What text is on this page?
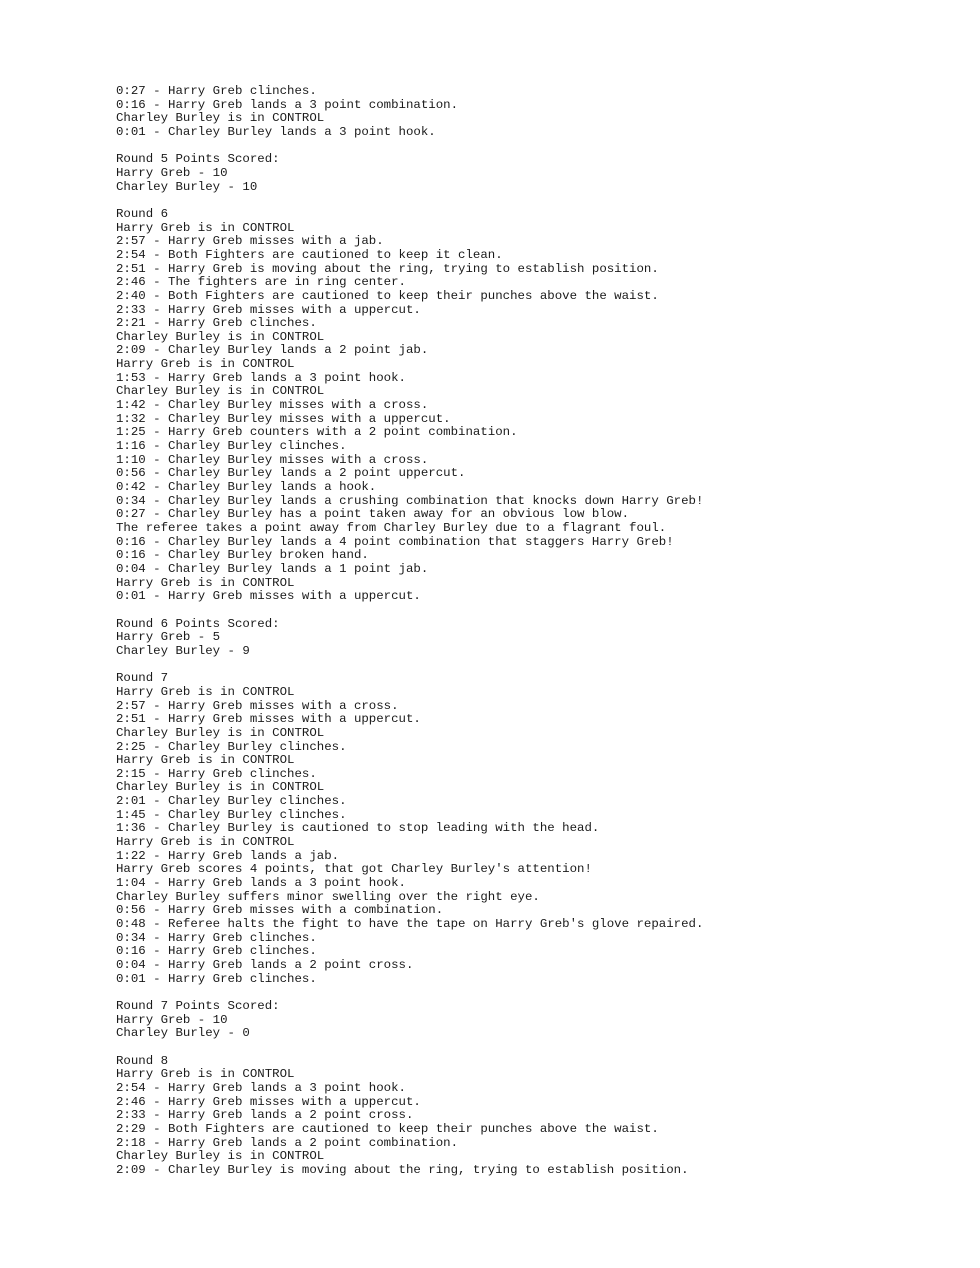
0:27 - Harry Greb clinches.
0:16 - Harry Greb lands a 3 point combination.
Charley Burley is in CONTROL
0:01 - Charley Burley lands a 3 point hook.
Round 5 Points Scored:
Harry Greb - 10
Charley Burley - 10
Round 6
Harry Greb is in CONTROL
2:57 - Harry Greb misses with a jab.
2:54 - Both Fighters are cautioned to keep it clean.
2:51 - Harry Greb is moving about the ring, trying to establish position.
2:46 - The fighters are in ring center.
2:40 - Both Fighters are cautioned to keep their punches above the waist.
2:33 - Harry Greb misses with a uppercut.
2:21 - Harry Greb clinches.
Charley Burley is in CONTROL
2:09 - Charley Burley lands a 2 point jab.
Harry Greb is in CONTROL
1:53 - Harry Greb lands a 3 point hook.
Charley Burley is in CONTROL
1:42 - Charley Burley misses with a cross.
1:32 - Charley Burley misses with a uppercut.
1:25 - Harry Greb counters with a 2 point combination.
1:16 - Charley Burley clinches.
1:10 - Charley Burley misses with a cross.
0:56 - Charley Burley lands a 2 point uppercut.
0:42 - Charley Burley lands a hook.
0:34 - Charley Burley lands a crushing combination that knocks down Harry Greb!
0:27 - Charley Burley has a point taken away for an obvious low blow.
The referee takes a point away from Charley Burley due to a flagrant foul.
0:16 - Charley Burley lands a 4 point combination that staggers Harry Greb!
0:16 - Charley Burley broken hand.
0:04 - Charley Burley lands a 1 point jab.
Harry Greb is in CONTROL
0:01 - Harry Greb misses with a uppercut.
Round 6 Points Scored:
Harry Greb - 5
Charley Burley - 9
Round 7
Harry Greb is in CONTROL
2:57 - Harry Greb misses with a cross.
2:51 - Harry Greb misses with a uppercut.
Charley Burley is in CONTROL
2:25 - Charley Burley clinches.
Harry Greb is in CONTROL
2:15 - Harry Greb clinches.
Charley Burley is in CONTROL
2:01 - Charley Burley clinches.
1:45 - Charley Burley clinches.
1:36 - Charley Burley is cautioned to stop leading with the head.
Harry Greb is in CONTROL
1:22 - Harry Greb lands a jab.
Harry Greb scores 4 points, that got Charley Burley's attention!
1:04 - Harry Greb lands a 3 point hook.
Charley Burley suffers minor swelling over the right eye.
0:56 - Harry Greb misses with a combination.
0:48 - Referee halts the fight to have the tape on Harry Greb's glove repaired.
0:34 - Harry Greb clinches.
0:16 - Harry Greb clinches.
0:04 - Harry Greb lands a 2 point cross.
0:01 - Harry Greb clinches.
Round 7 Points Scored:
Harry Greb - 10
Charley Burley - 0
Round 8
Harry Greb is in CONTROL
2:54 - Harry Greb lands a 3 point hook.
2:46 - Harry Greb misses with a uppercut.
2:33 - Harry Greb lands a 2 point cross.
2:29 - Both Fighters are cautioned to keep their punches above the waist.
2:18 - Harry Greb lands a 2 point combination.
Charley Burley is in CONTROL
2:09 - Charley Burley is moving about the ring, trying to establish position.
